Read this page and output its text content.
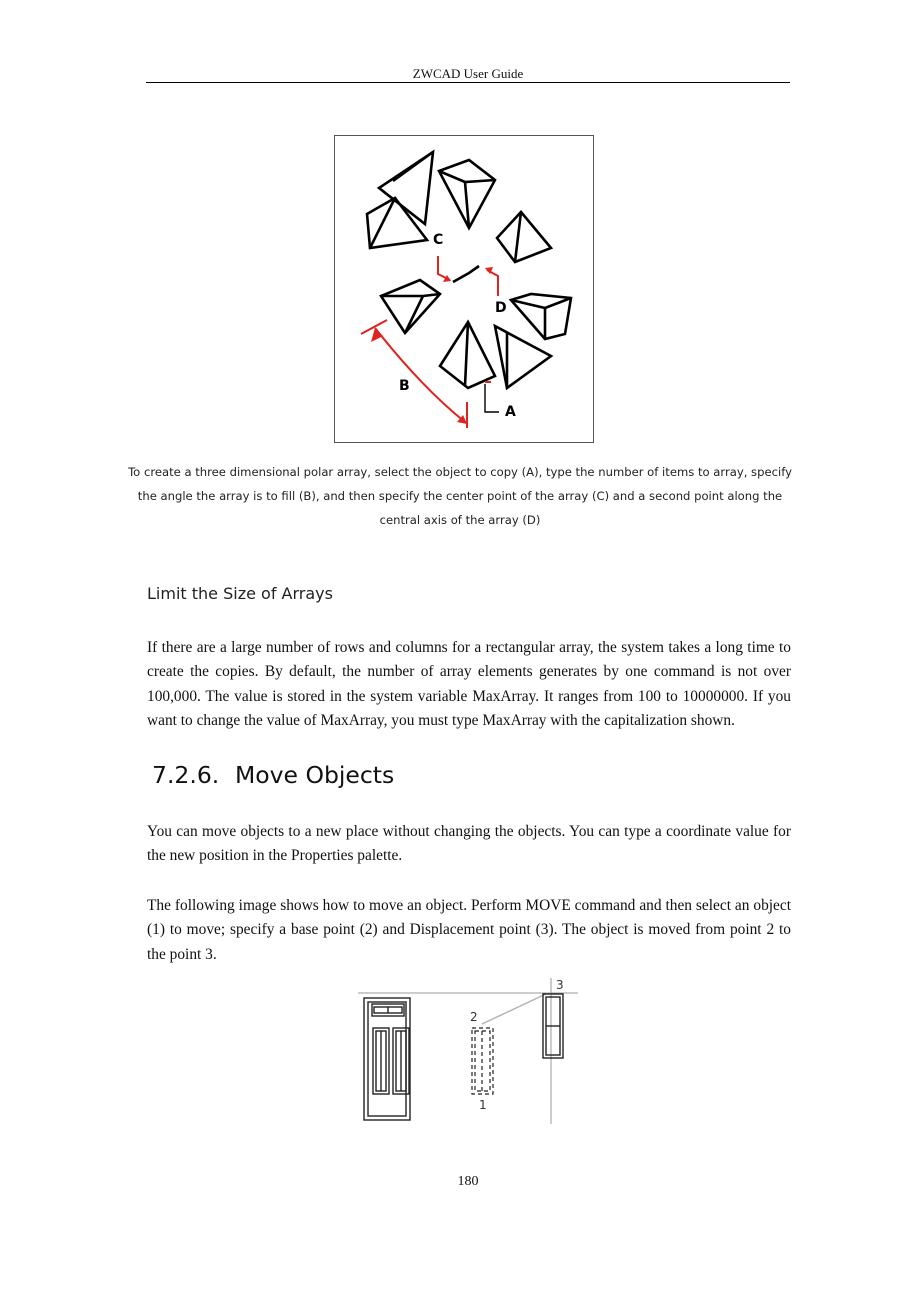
ZWCAD User Guide
C
D
B
A
To create a three dimensional polar array, select the object to copy (A), type the number of items to array, specify the angle the array is to fill (B), and then specify the center point of the array (C) and a second point along the central axis of the array (D)
Limit the Size of Arrays
If there are a large number of rows and columns for a rectangular array, the system takes a long time to create the copies. By default, the number of array elements generates by one command is not over 100,000. The value is stored in the system variable MaxArray. It ranges from 100 to 10000000. If you want to change the value of MaxArray, you must type MaxArray with the capitalization shown.
7.2.6. Move Objects
You can move objects to a new place without changing the objects. You can type a coordinate value for the new position in the Properties palette.
The following image shows how to move an object. Perform MOVE command and then select an object (1) to move; specify a base point (2) and Displacement point (3). The object is moved from point 2 to the point 3.
3
2
1
180
